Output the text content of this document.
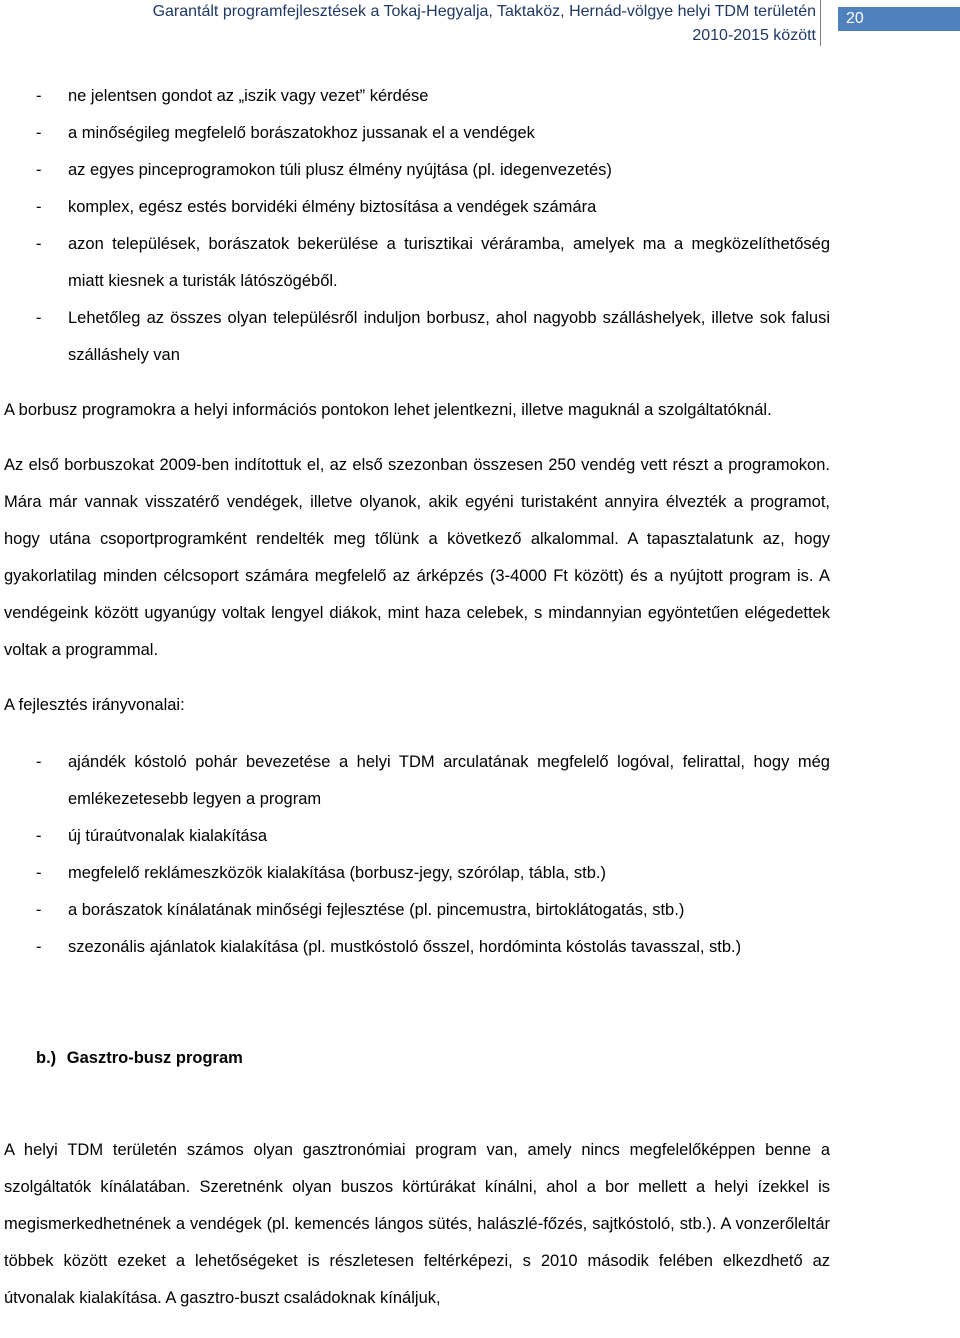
Garantált programfejlesztések a Tokaj-Hegyalja, Taktaköz, Hernád-völgye helyi TDM területén
2010-2015 között
20
- ne jelentsen gondot az „iszik vagy vezet” kérdése
- a minőségileg megfelelő borászatokhoz jussanak el a vendégek
- az egyes pinceprogramokon túli plusz élmény nyújtása (pl. idegenvezetés)
- komplex, egész estés borvidéki élmény biztosítása a vendégek számára
- azon települések, borászatok bekerülése a turisztikai véráramba, amelyek ma a megközelíthetőség miatt kiesnek a turisták látószögéből.
- Lehetőleg az összes olyan településről induljon borbusz, ahol nagyobb szálláshelyek, illetve sok falusi szálláshely van

A borbusz programokra a helyi információs pontokon lehet jelentkezni, illetve maguknál a szolgáltatóknál.

Az első borbuszokat 2009-ben indítottuk el, az első szezonban összesen 250 vendég vett részt a programokon. Mára már vannak visszatérő vendégek, illetve olyanok, akik egyéni turistaként annyira élvezték a programot, hogy utána csoportprogramként rendelték meg tőlünk a következő alkalommal. A tapasztalatunk az, hogy gyakorlatilag minden célcsoport számára megfelelő az árképzés (3-4000 Ft között) és a nyújtott program is. A vendégeink között ugyanúgy voltak lengyel diákok, mint haza celebek, s mindannyian egyöntetűen elégedettek voltak a programmal.

A fejlesztés irányvonalai:

- ajándék kóstoló pohár bevezetése a helyi TDM arculatának megfelelő logóval, felirattal, hogy még emlékezetesebb legyen a program
- új túraútvonalak kialakítása
- megfelelő reklámeszközök kialakítása (borbusz-jegy, szórólap, tábla, stb.)
- a borászatok kínálatának minőségi fejlesztése (pl. pincemustra, birtoklátogatás, stb.)
- szezonális ajánlatok kialakítása (pl. mustkóstoló ősszel, hordóminta kóstolás tavasszal, stb.)
b.) Gasztro-busz program

A helyi TDM területén számos olyan gasztronómiai program van, amely nincs megfelelőképpen benne a szolgáltatók kínálatában. Szeretnénk olyan buszos körtúrákat kínálni, ahol a bor mellett a helyi ízekkel is megismerkedhetnének a vendégek (pl. kemencés lángos sütés, halászlé-főzés, sajtkóstoló, stb.). A vonzerőleltár többek között ezeket a lehetőségeket is részletesen feltérképezi, s 2010 második felében elkezdhető az útvonalak kialakítása. A gasztro-buszt családoknak kínáljuk,
